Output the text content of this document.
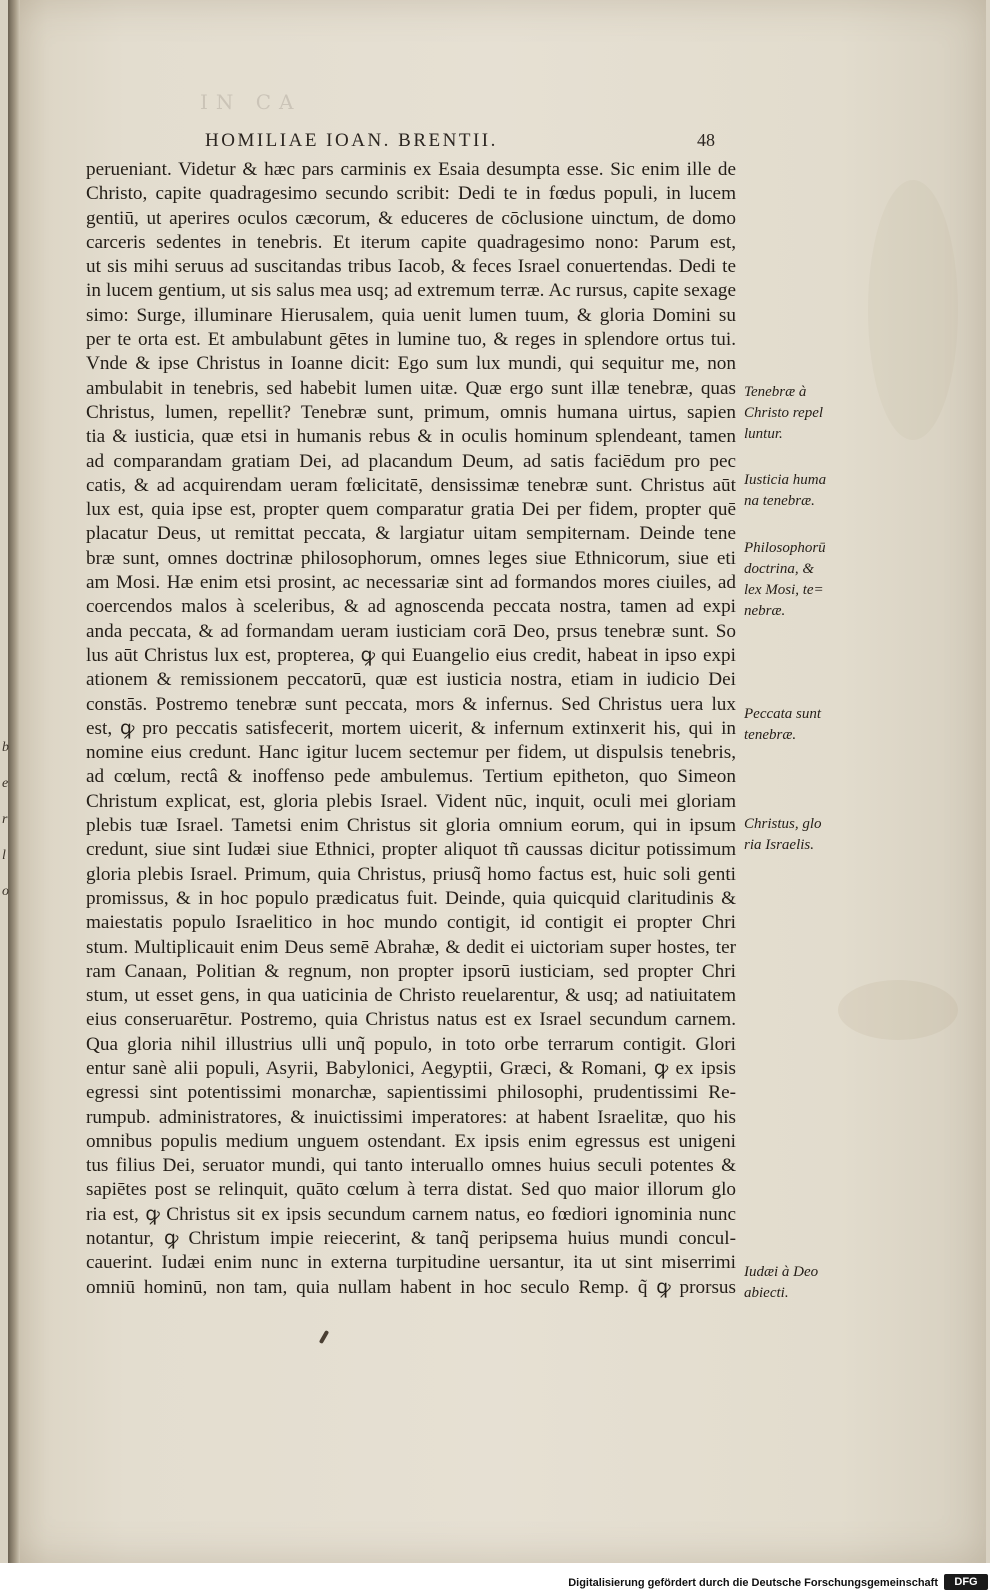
IN CA
HOMILIAE IOAN. BRENTII.	48
perueniant. Videtur & hæc pars carminis ex Esaia desumpta esse. Sic enim ille de
Christo, capite quadragesimo secundo scribit: Dedi te in fœdus populi, in lucem
gentiū, ut aperires oculos cæcorum, & educeres de cōclusione uinctum, de domo
carceris sedentes in tenebris. Et iterum capite quadragesimo nono: Parum est,
ut sis mihi seruus ad suscitandas tribus Iacob, & feces Israel conuertendas. Dedi te
in lucem gentium, ut sis salus mea usq; ad extremum terræ. Ac rursus, capite sexage
simo: Surge, illuminare Hierusalem, quia uenit lumen tuum, & gloria Domini su
per te orta est. Et ambulabunt gētes in lumine tuo, & reges in splendore ortus tui.
Vnde & ipse Christus in Ioanne dicit: Ego sum lux mundi, qui sequitur me, non
ambulabit in tenebris, sed habebit lumen uitæ. Quæ ergo sunt illæ tenebræ, quas
Christus, lumen, repellit? Tenebræ sunt, primum, omnis humana uirtus, sapien
tia & iusticia, quæ etsi in humanis rebus & in oculis hominum splendeant, tamen
ad comparandam gratiam Dei, ad placandum Deum, ad satis faciēdum pro pec
catis, & ad acquirendam ueram fœlicitatē, densissimæ tenebræ sunt. Christus aūt
lux est, quia ipse est, propter quem comparatur gratia Dei per fidem, propter quē
placatur Deus, ut remittat peccata, & largiatur uitam sempiternam. Deinde tene
bræ sunt, omnes doctrinæ philosophorum, omnes leges siue Ethnicorum, siue eti
am Mosi. Hæ enim etsi prosint, ac necessariæ sint ad formandos mores ciuiles, ad
coercendos malos à sceleribus, & ad agnoscenda peccata nostra, tamen ad expi
anda peccata, & ad formandam ueram iusticiam corā Deo, prsus tenebræ sunt. So
lus aūt Christus lux est, propterea, ꝙ qui Euangelio eius credit, habeat in ipso expi
ationem & remissionem peccatorū, quæ est iusticia nostra, etiam in iudicio Dei
constās. Postremo tenebræ sunt peccata, mors & infernus. Sed Christus uera lux
est, ꝙ pro peccatis satisfecerit, mortem uicerit, & infernum extinxerit his, qui in
nomine eius credunt. Hanc igitur lucem sectemur per fidem, ut dispulsis tenebris,
ad cœlum, rectâ & inoffenso pede ambulemus. Tertium epitheton, quo Simeon
Christum explicat, est, gloria plebis Israel. Vident nūc, inquit, oculi mei gloriam
plebis tuæ Israel. Tametsi enim Christus sit gloria omnium eorum, qui in ipsum
credunt, siue sint Iudæi siue Ethnici, propter aliquot tñ caussas dicitur potissimum
gloria plebis Israel. Primum, quia Christus, priusq̃ homo factus est, huic soli genti
promissus, & in hoc populo prædicatus fuit. Deinde, quia quicquid claritudinis &
maiestatis populo Israelitico in hoc mundo contigit, id contigit ei propter Chri
stum. Multiplicauit enim Deus semē Abrahæ, & dedit ei uictoriam super hostes, ter
ram Canaan, Politian & regnum, non propter ipsorū iusticiam, sed propter Chri
stum, ut esset gens, in qua uaticinia de Christo reuelarentur, & usq; ad natiuitatem
eius conseruarētur. Postremo, quia Christus natus est ex Israel secundum carnem.
Qua gloria nihil illustrius ulli unq̃ populo, in toto orbe terrarum contigit. Glori
entur sanè alii populi, Asyrii, Babylonici, Aegyptii, Græci, & Romani, ꝙ ex ipsis
egressi sint potentissimi monarchæ, sapientissimi philosophi, prudentissimi Re-
rumpub. administratores, & inuictissimi imperatores: at habent Israelitæ, quo his
omnibus populis medium unguem ostendant. Ex ipsis enim egressus est unigeni
tus filius Dei, seruator mundi, qui tanto interuallo omnes huius seculi potentes &
sapiētes post se relinquit, quāto cœlum à terra distat. Sed quo maior illorum glo
ria est, ꝙ Christus sit ex ipsis secundum carnem natus, eo fœdiori ignominia nunc
notantur, ꝙ Christum impie reiecerint, & tanq̃ peripsema huius mundi concul-
cauerint. Iudæi enim nunc in externa turpitudine uersantur, ita ut sint miserrimi
omniū hominū, non tam, quia nullam habent in hoc seculo Remp. q̃ ꝙ prorsus
Tenebræ à
Christo repel
luntur.
Iusticia huma
na tenebræ.
Philosophorū
doctrina, &
lex Mosi, te=
nebræ.
Peccata sunt
tenebræ.
Christus, glo
ria Israelis.
Iudæi à Deo
abiecti.
b
e
r
l
o
Digitalisierung gefördert durch die Deutsche Forschungsgemeinschaft	DFG
